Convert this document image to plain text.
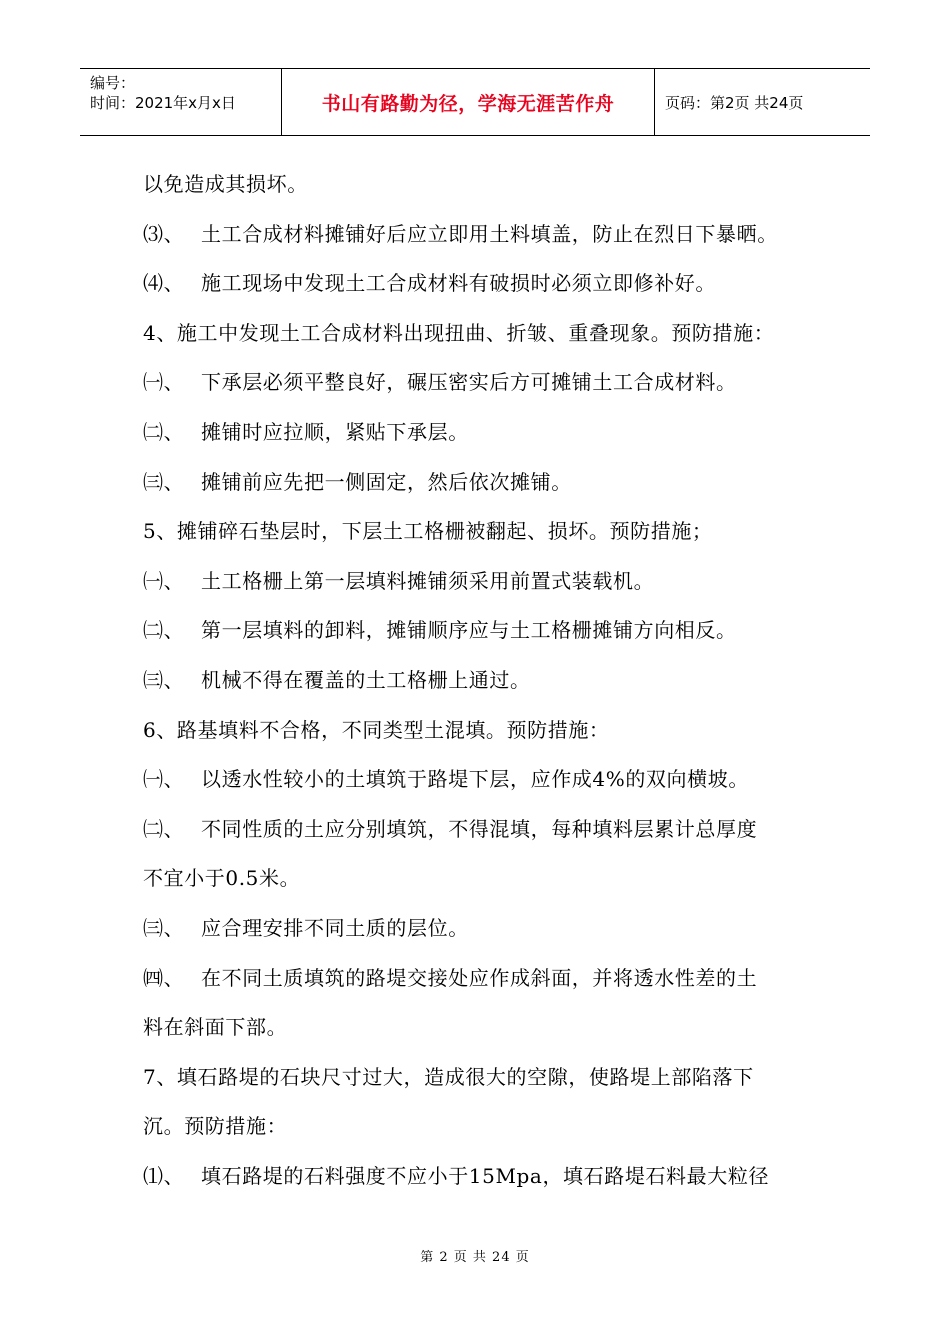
编号：
时间：2021年x月x日	书山有路勤为径，学海无涯苦作舟	页码：第2页 共24页
以免造成其损坏。
⑶、 土工合成材料摊铺好后应立即用土料填盖，防止在烈日下暴晒。
⑷、 施工现场中发现土工合成材料有破损时必须立即修补好。
4、施工中发现土工合成材料出现扭曲、折皱、重叠现象。预防措施：
㈠、 下承层必须平整良好，碾压密实后方可摊铺土工合成材料。
㈡、 摊铺时应拉顺，紧贴下承层。
㈢、 摊铺前应先把一侧固定，然后依次摊铺。
5、摊铺碎石垫层时，下层土工格栅被翻起、损坏。预防措施；
㈠、 土工格栅上第一层填料摊铺须采用前置式装载机。
㈡、 第一层填料的卸料，摊铺顺序应与土工格栅摊铺方向相反。
㈢、 机械不得在覆盖的土工格栅上通过。
6、路基填料不合格，不同类型土混填。预防措施：
㈠、 以透水性较小的土填筑于路堤下层，应作成4%的双向横坡。
㈡、 不同性质的土应分别填筑，不得混填，每种填料层累计总厚度
不宜小于0.5米。
㈢、 应合理安排不同土质的层位。
㈣、 在不同土质填筑的路堤交接处应作成斜面，并将透水性差的土
料在斜面下部。
7、填石路堤的石块尺寸过大，造成很大的空隙，使路堤上部陷落下
沉。预防措施：
⑴、 填石路堤的石料强度不应小于15Mpa，填石路堤石料最大粒径
第 2 页 共 24 页
